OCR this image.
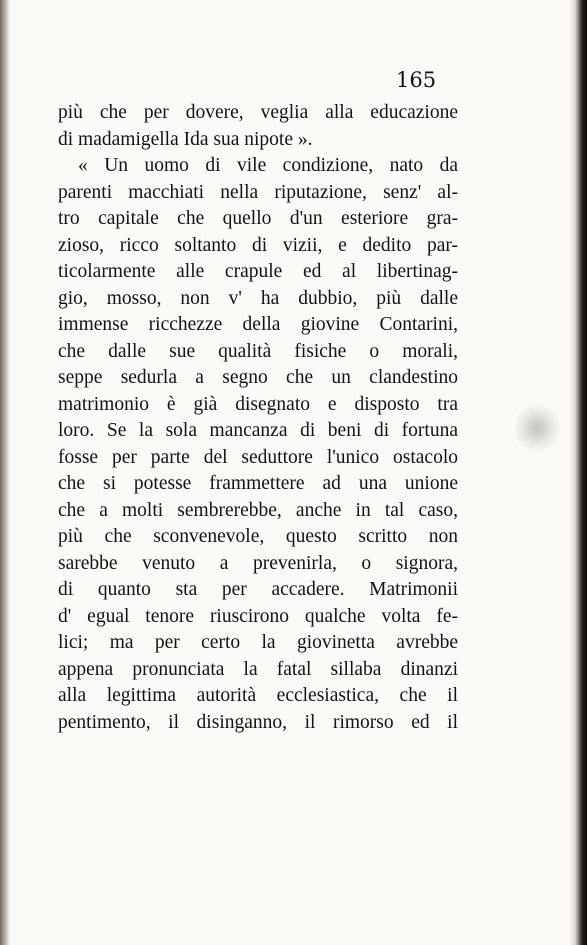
165
più che per dovere, veglia alla educazione
di madamigella Ida sua nipote ».
« Un uomo di vile condizione, nato da
parenti macchiati nella riputazione, senz' al-
tro capitale che quello d'un esteriore gra-
zioso, ricco soltanto di vizii, e dedito par-
ticolarmente alle crapule ed al libertinag-
gio, mosso, non v' ha dubbio, più dalle
immense ricchezze della giovine Contarini,
che dalle sue qualità fisiche o morali,
seppe sedurla a segno che un clandestino
matrimonio è già disegnato e disposto tra
loro. Se la sola mancanza di beni di fortuna
fosse per parte del seduttore l'unico ostacolo
che si potesse frammettere ad una unione
che a molti sembrerebbe, anche in tal caso,
più che sconvenevole, questo scritto non
sarebbe venuto a prevenirla, o signora,
di quanto sta per accadere. Matrimonii
d' egual tenore riuscirono qualche volta fe-
lici; ma per certo la giovinetta avrebbe
appena pronunciata la fatal sillaba dinanzi
alla legittima autorità ecclesiastica, che il
pentimento, il disinganno, il rimorso ed il
